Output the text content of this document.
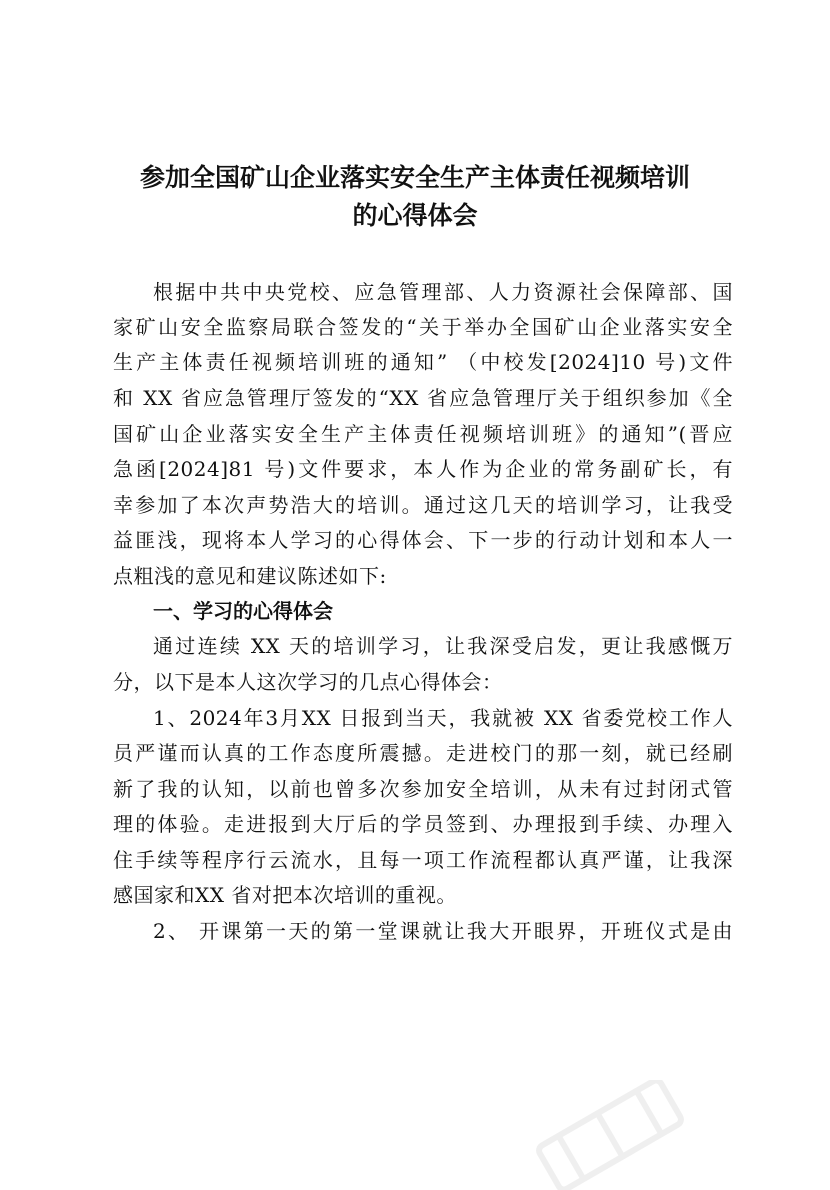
参加全国矿山企业落实安全生产主体责任视频培训
的心得体会

根据中共中央党校、应急管理部、人力资源社会保障部、国

家矿山安全监察局联合签发的“关于举办全国矿山企业落实安全

生产主体责任视频培训班的通知” （中校发[2024]10 号)文件

和 XX 省应急管理厅签发的“XX 省应急管理厅关于组织参加《全

国矿山企业落实安全生产主体责任视频培训班》的通知”(晋应

急函[2024]81 号)文件要求，本人作为企业的常务副矿长，有

幸参加了本次声势浩大的培训。通过这几天的培训学习，让我受

益匪浅，现将本人学习的心得体会、下一步的行动计划和本人一

点粗浅的意见和建议陈述如下:

一、学习的心得体会

通过连续 XX 天的培训学习，让我深受启发，更让我感慨万

分，以下是本人这次学习的几点心得体会：

1、2024年3月XX 日报到当天，我就被 XX 省委党校工作人

员严谨而认真的工作态度所震撼。走进校门的那一刻，就已经刷

新了我的认知，以前也曾多次参加安全培训，从未有过封闭式管

理的体验。走进报到大厅后的学员签到、办理报到手续、办理入

住手续等程序行云流水，且每一项工作流程都认真严谨，让我深

感国家和XX 省对把本次培训的重视。

2、 开课第一天的第一堂课就让我大开眼界，开班仪式是由
